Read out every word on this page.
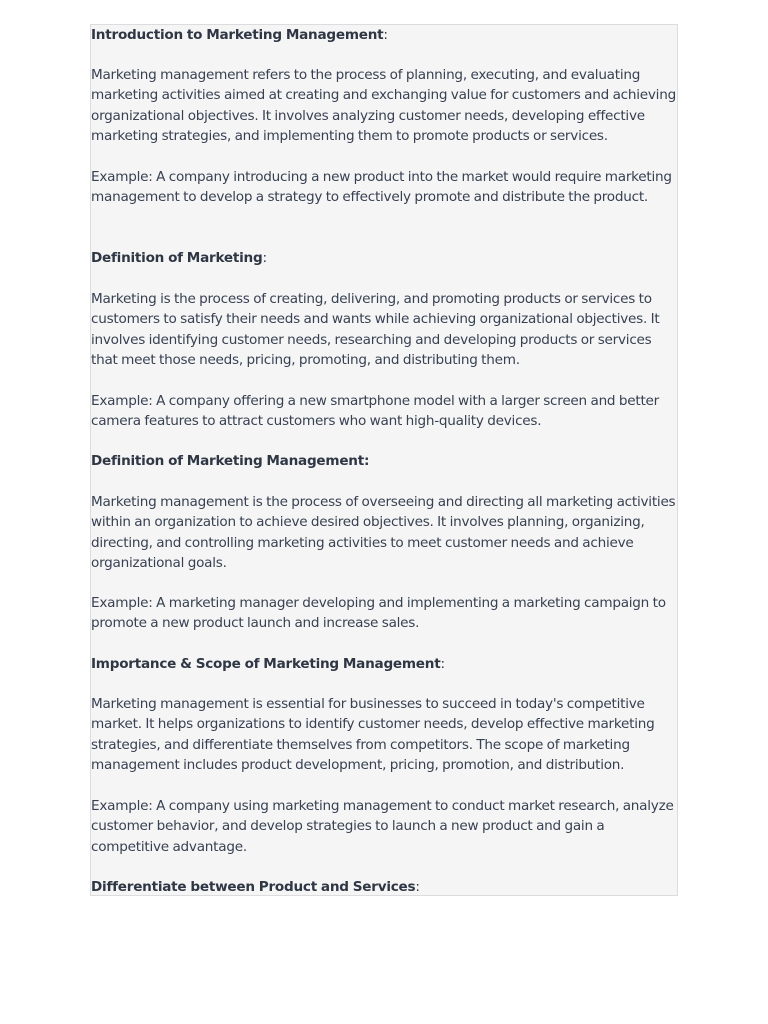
Introduction to Marketing Management:

Marketing management refers to the process of planning, executing, and evaluating marketing activities aimed at creating and exchanging value for customers and achieving organizational objectives. It involves analyzing customer needs, developing effective marketing strategies, and implementing them to promote products or services.

Example: A company introducing a new product into the market would require marketing management to develop a strategy to effectively promote and distribute the product.

Definition of Marketing:

Marketing is the process of creating, delivering, and promoting products or services to customers to satisfy their needs and wants while achieving organizational objectives. It involves identifying customer needs, researching and developing products or services that meet those needs, pricing, promoting, and distributing them.

Example: A company offering a new smartphone model with a larger screen and better camera features to attract customers who want high-quality devices.

Definition of Marketing Management:

Marketing management is the process of overseeing and directing all marketing activities within an organization to achieve desired objectives. It involves planning, organizing, directing, and controlling marketing activities to meet customer needs and achieve organizational goals.

Example: A marketing manager developing and implementing a marketing campaign to promote a new product launch and increase sales.

Importance & Scope of Marketing Management:

Marketing management is essential for businesses to succeed in today's competitive market. It helps organizations to identify customer needs, develop effective marketing strategies, and differentiate themselves from competitors. The scope of marketing management includes product development, pricing, promotion, and distribution.

Example: A company using marketing management to conduct market research, analyze customer behavior, and develop strategies to launch a new product and gain a competitive advantage.

Differentiate between Product and Services:
